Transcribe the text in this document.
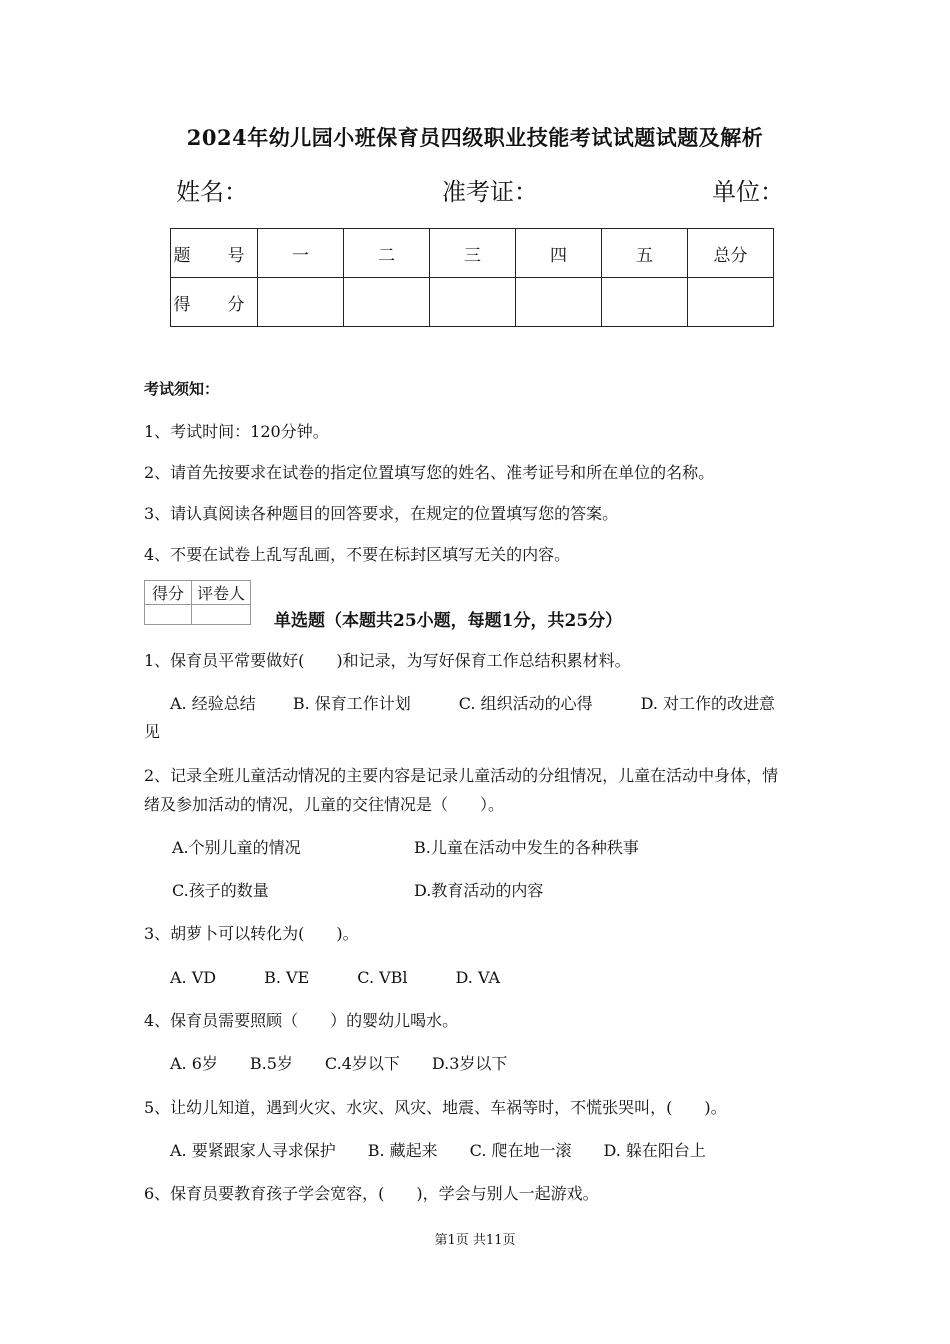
2024年幼儿园小班保育员四级职业技能考试试题试题及解析
姓名：	准考证：	单位：
题　号	一	二	三	四	五	总分
得　分						
考试须知：
1、考试时间：120分钟。
2、请首先按要求在试卷的指定位置填写您的姓名、准考证号和所在单位的名称。
3、请认真阅读各种题目的回答要求，在规定的位置填写您的答案。
4、不要在试卷上乱写乱画，不要在标封区填写无关的内容。
得分	评卷人

单选题（本题共25小题，每题1分，共25分）
1、保育员平常要做好(　　)和记录，为写好保育工作总结积累材料。
A. 经验总结　　 B. 保育工作计划　　　C. 组织活动的心得　　　D. 对工作的改进意
见
2、记录全班儿童活动情况的主要内容是记录儿童活动的分组情况，儿童在活动中身体，情
绪及参加活动的情况，儿童的交往情况是（　　）。
A.个别儿童的情况	B.儿童在活动中发生的各种秩事
C.孩子的数量	D.教育活动的内容
3、胡萝卜可以转化为(　　)。
A. VD　　　B. VE　　　C. VBl　　　D. VA
4、保育员需要照顾（　　）的婴幼儿喝水。
A. 6岁　　B.5岁　　C.4岁以下　　D.3岁以下
5、让幼儿知道，遇到火灾、水灾、风灾、地震、车祸等时，不慌张哭叫，(　　)。
A. 要紧跟家人寻求保护　　B. 藏起来　　C. 爬在地一滚　　D. 躲在阳台上
6、保育员要教育孩子学会宽容，(　　)，学会与别人一起游戏。
第1页 共11页
